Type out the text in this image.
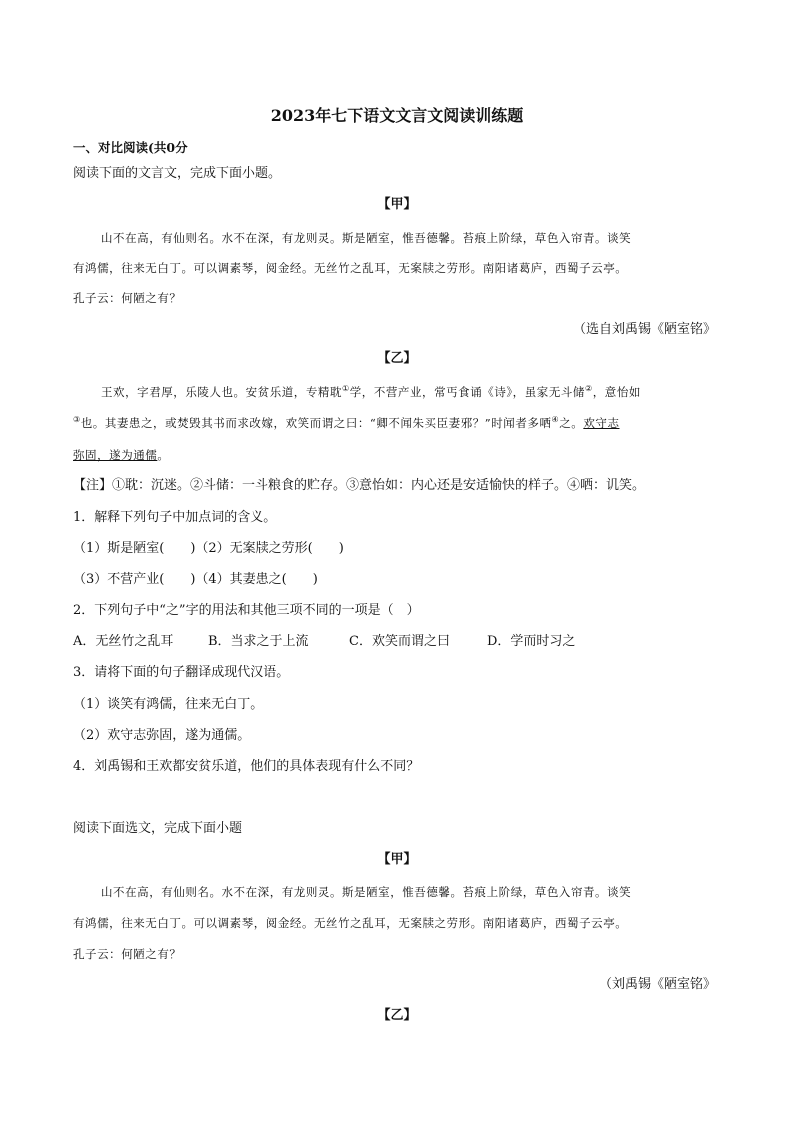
2023年七下语文文言文阅读训练题
一、对比阅读(共0分
阅读下面的文言文，完成下面小题。
【甲】
山不在高，有仙则名。水不在深，有龙则灵。斯是陋室，惟吾德馨。苔痕上阶绿，草色入帘青。谈笑
有鸿儒，往来无白丁。可以调素琴，阅金经。无丝竹之乱耳，无案牍之劳形。南阳诸葛庐，西蜀子云亭。
孔子云：何陋之有？
（选自刘禹锡《陋室铭》
【乙】
王欢，字君厚，乐陵人也。安贫乐道，专精耽①学，不营产业，常丐食诵《诗》，虽家无斗储②，意怡如
③也。其妻患之，或焚毁其书而求改嫁，欢笑而谓之曰：“卿不闻朱买臣妻邪？”时闻者多哂④之。欢守志
弥固，遂为通儒。
【注】①耽：沉迷。②斗储：一斗粮食的贮存。③意怡如：内心还是安适愉快的样子。④哂：讥笑。
1．解释下列句子中加点词的含义。
（1）斯是陋室(　　)（2）无案牍之劳形(　　)
（3）不营产业(　　)（4）其妻患之(　　)
2．下列句子中“之”字的用法和其他三项不同的一项是（　）
A．无丝竹之乱耳	B．当求之于上流	C．欢笑而谓之曰	D．学而时习之
3．请将下面的句子翻译成现代汉语。
（1）谈笑有鸿儒，往来无白丁。
（2）欢守志弥固，遂为通儒。
4．刘禹锡和王欢都安贫乐道，他们的具体表现有什么不同？
阅读下面选文，完成下面小题
【甲】
山不在高，有仙则名。水不在深，有龙则灵。斯是陋室，惟吾德馨。苔痕上阶绿，草色入帘青。谈笑
有鸿儒，往来无白丁。可以调素琴，阅金经。无丝竹之乱耳，无案牍之劳形。南阳诸葛庐，西蜀子云亭。
孔子云：何陋之有？
（刘禹锡《陋室铭》
【乙】
